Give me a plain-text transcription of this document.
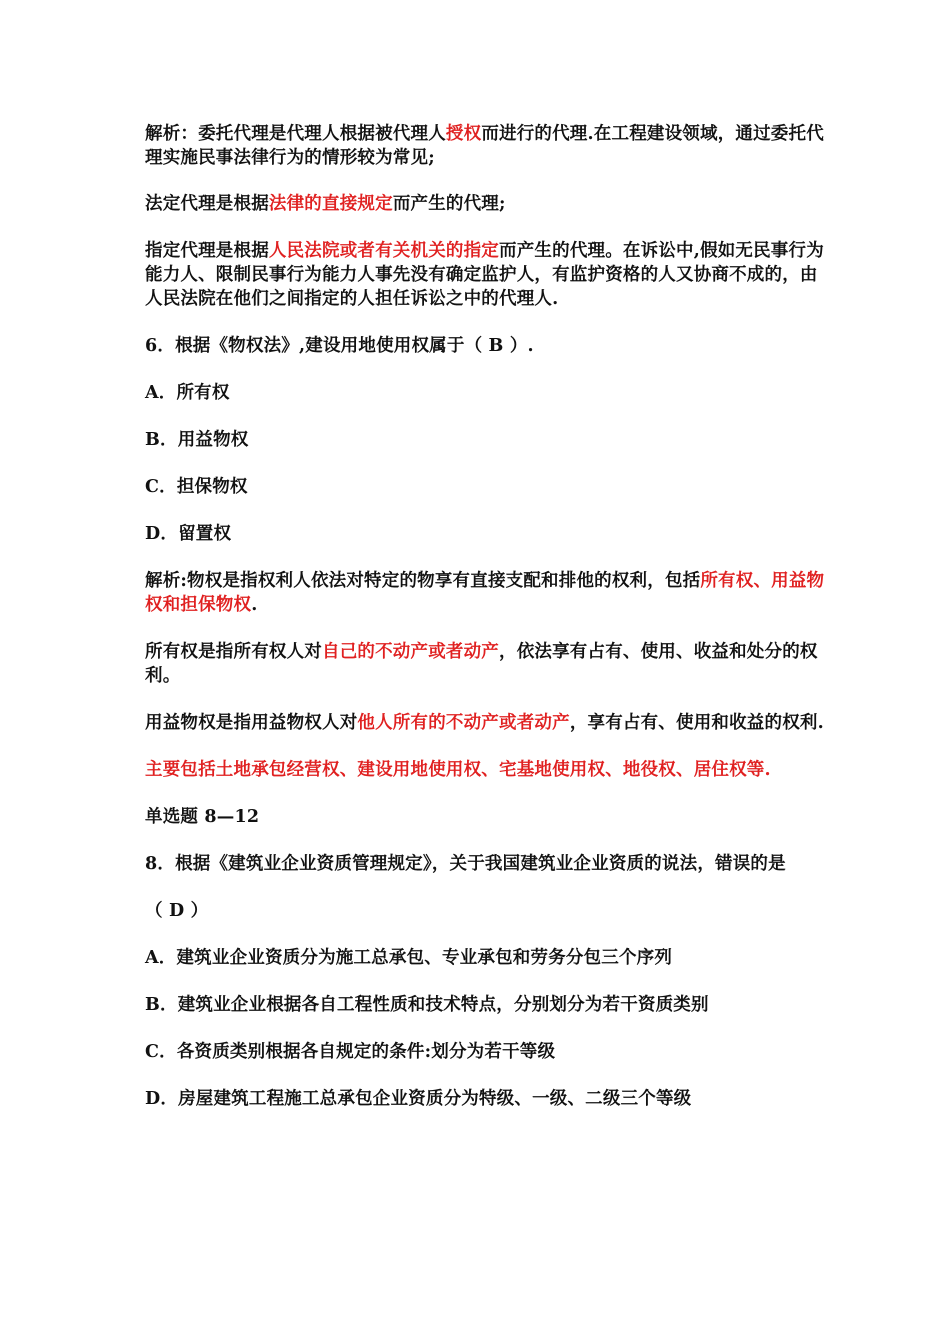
解析：委托代理是代理人根据被代理人授权而进行的代理.在工程建设领域，通过委托代理实施民事法律行为的情形较为常见;

法定代理是根据法律的直接规定而产生的代理;

指定代理是根据人民法院或者有关机关的指定而产生的代理。在诉讼中,假如无民事行为能力人、限制民事行为能力人事先没有确定监护人，有监护资格的人又协商不成的，由人民法院在他们之间指定的人担任诉讼之中的代理人.

6．根据《物权法》,建设用地使用权属于（ B ）.

A．所有权

B．用益物权

C．担保物权

D．留置权

解析:物权是指权利人依法对特定的物享有直接支配和排他的权利，包括所有权、用益物权和担保物权.

所有权是指所有权人对自己的不动产或者动产，依法享有占有、使用、收益和处分的权利。

用益物权是指用益物权人对他人所有的不动产或者动产，享有占有、使用和收益的权利.

主要包括土地承包经营权、建设用地使用权、宅基地使用权、地役权、居住权等.

单选题 8—12

8．根据《建筑业企业资质管理规定》，关于我国建筑业企业资质的说法，错误的是

（ D ）

A．建筑业企业资质分为施工总承包、专业承包和劳务分包三个序列

B．建筑业企业根据各自工程性质和技术特点，分别划分为若干资质类别

C．各资质类别根据各自规定的条件:划分为若干等级

D．房屋建筑工程施工总承包企业资质分为特级、一级、二级三个等级
